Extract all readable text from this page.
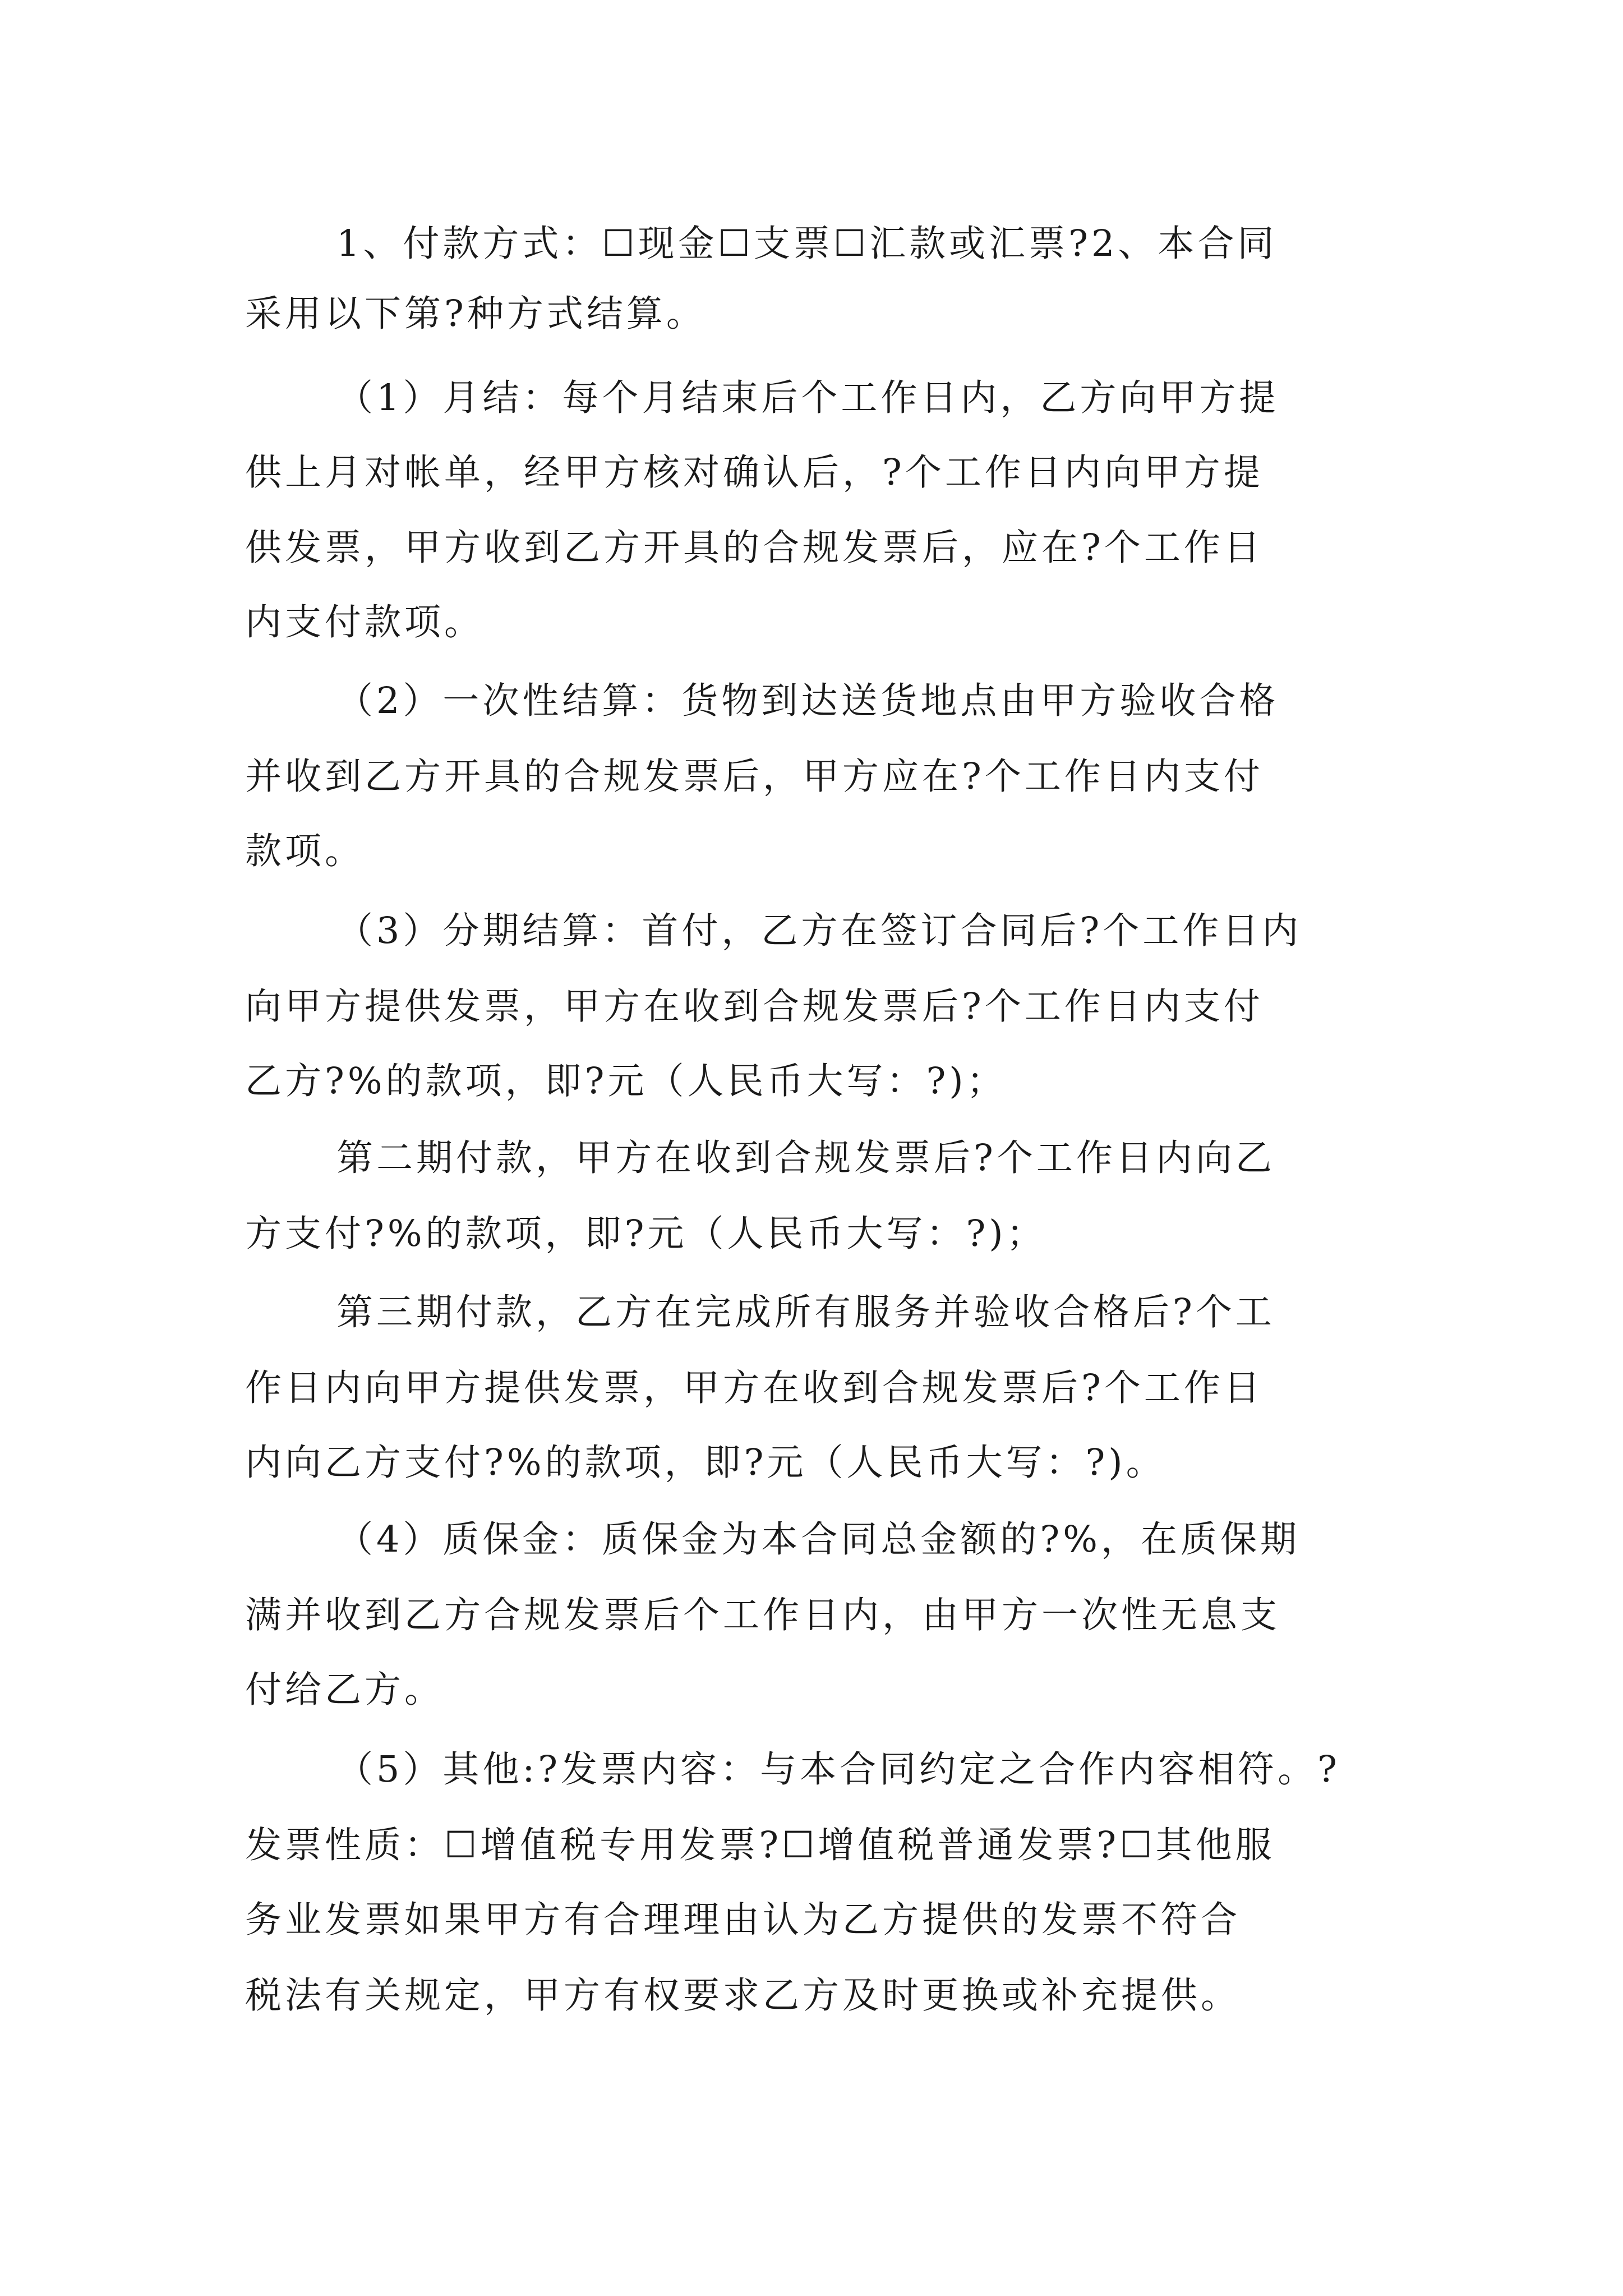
1、付款方式：☐现金☐支票☐汇款或汇票?2、本合同

采用以下第?种方式结算。

（1）月结：每个月结束后个工作日内，乙方向甲方提

供上月对帐单，经甲方核对确认后，?个工作日内向甲方提

供发票，甲方收到乙方开具的合规发票后，应在?个工作日

内支付款项。

（2）一次性结算：货物到达送货地点由甲方验收合格

并收到乙方开具的合规发票后，甲方应在?个工作日内支付

款项。

（3）分期结算：首付，乙方在签订合同后?个工作日内

向甲方提供发票，甲方在收到合规发票后?个工作日内支付

乙方?%的款项，即?元（人民币大写：?)；

第二期付款，甲方在收到合规发票后?个工作日内向乙

方支付?%的款项，即?元（人民币大写：?)；

第三期付款，乙方在完成所有服务并验收合格后?个工

作日内向甲方提供发票，甲方在收到合规发票后?个工作日

内向乙方支付?%的款项，即?元（人民币大写：?)。

（4）质保金：质保金为本合同总金额的?%，在质保期

满并收到乙方合规发票后个工作日内，由甲方一次性无息支

付给乙方。

（5）其他:?发票内容：与本合同约定之合作内容相符。?

发票性质：☐增值税专用发票?☐增值税普通发票?☐其他服

务业发票如果甲方有合理理由认为乙方提供的发票不符合

税法有关规定，甲方有权要求乙方及时更换或补充提供。
